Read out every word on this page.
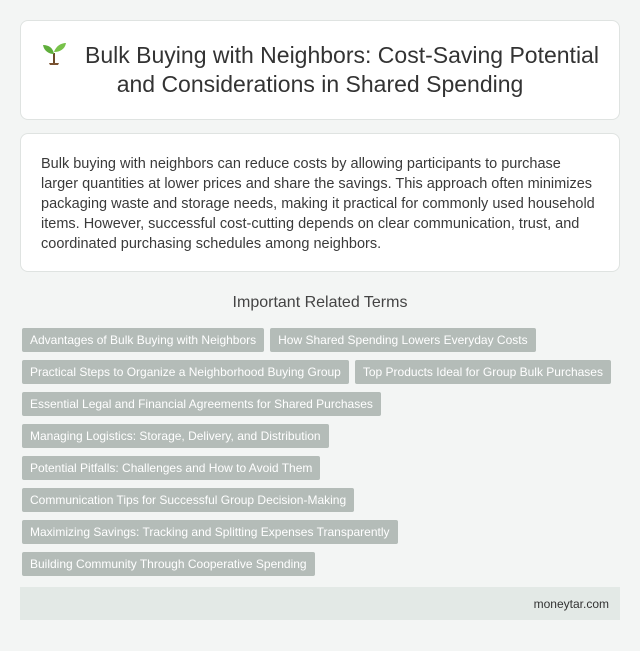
Bulk Buying with Neighbors: Cost-Saving Potential and Considerations in Shared Spending

Bulk buying with neighbors can reduce costs by allowing participants to purchase larger quantities at lower prices and share the savings. This approach often minimizes packaging waste and storage needs, making it practical for commonly used household items. However, successful cost-cutting depends on clear communication, trust, and coordinated purchasing schedules among neighbors.

Important Related Terms
Advantages of Bulk Buying with Neighbors	How Shared Spending Lowers Everyday Costs
Practical Steps to Organize a Neighborhood Buying Group	Top Products Ideal for Group Bulk Purchases
Essential Legal and Financial Agreements for Shared Purchases
Managing Logistics: Storage, Delivery, and Distribution
Potential Pitfalls: Challenges and How to Avoid Them
Communication Tips for Successful Group Decision-Making
Maximizing Savings: Tracking and Splitting Expenses Transparently
Building Community Through Cooperative Spending
moneytar.com
